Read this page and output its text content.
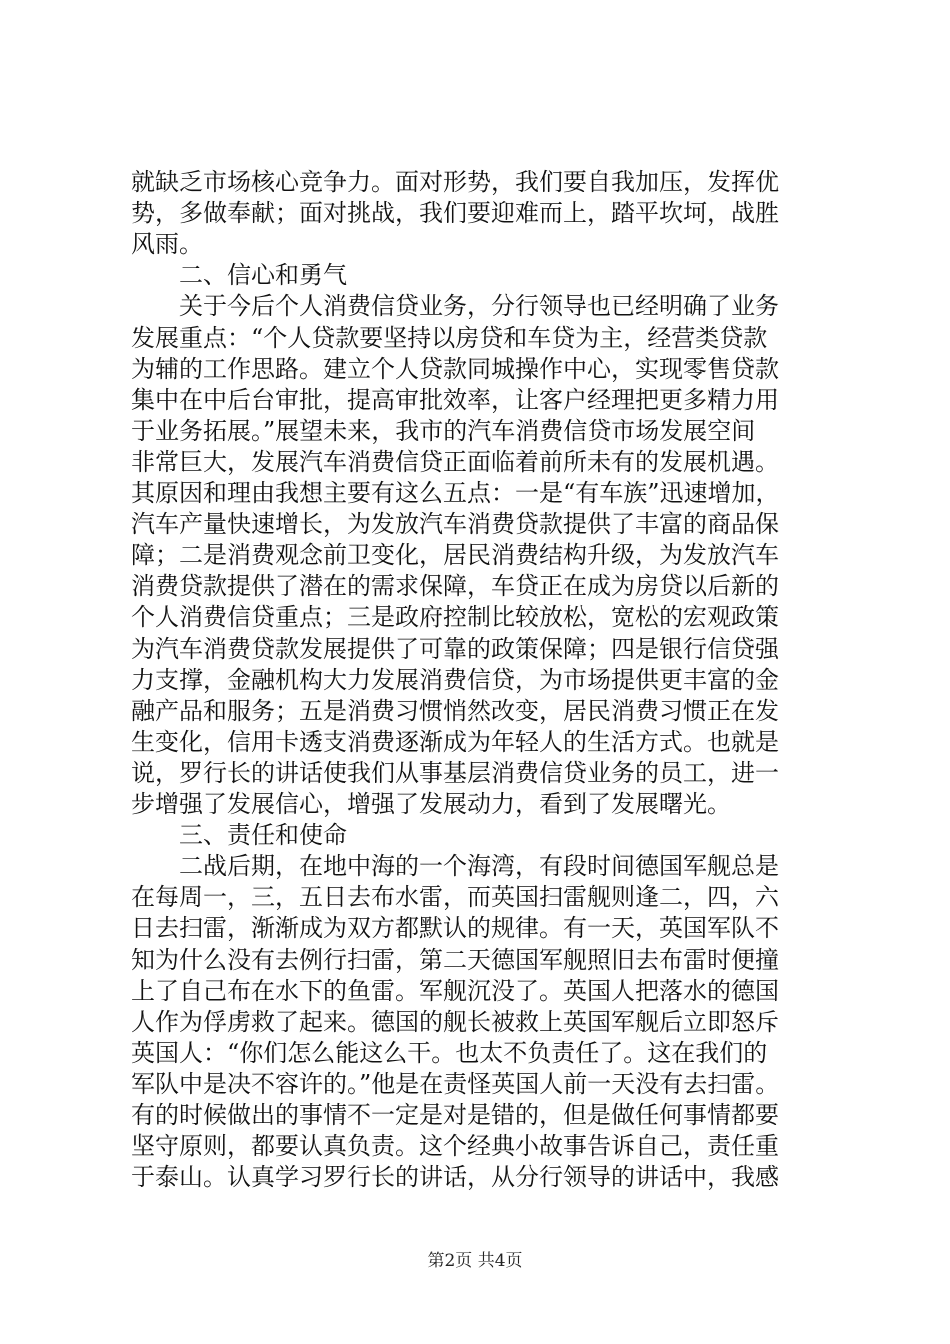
就缺乏市场核心竞争力。面对形势，我们要自我加压，发挥优
势，多做奉献；面对挑战，我们要迎难而上，踏平坎坷，战胜
风雨。
　　二、信心和勇气
　　关于今后个人消费信贷业务，分行领导也已经明确了业务
发展重点：“个人贷款要坚持以房贷和车贷为主，经营类贷款
为辅的工作思路。建立个人贷款同城操作中心，实现零售贷款
集中在中后台审批，提高审批效率，让客户经理把更多精力用
于业务拓展。”展望未来，我市的汽车消费信贷市场发展空间
非常巨大，发展汽车消费信贷正面临着前所未有的发展机遇。
其原因和理由我想主要有这么五点：一是“有车族”迅速增加，
汽车产量快速增长，为发放汽车消费贷款提供了丰富的商品保
障；二是消费观念前卫变化，居民消费结构升级，为发放汽车
消费贷款提供了潜在的需求保障，车贷正在成为房贷以后新的
个人消费信贷重点；三是政府控制比较放松，宽松的宏观政策
为汽车消费贷款发展提供了可靠的政策保障；四是银行信贷强
力支撑，金融机构大力发展消费信贷，为市场提供更丰富的金
融产品和服务；五是消费习惯悄然改变，居民消费习惯正在发
生变化，信用卡透支消费逐渐成为年轻人的生活方式。也就是
说，罗行长的讲话使我们从事基层消费信贷业务的员工，进一
步增强了发展信心，增强了发展动力，看到了发展曙光。
　　三、责任和使命
　　二战后期，在地中海的一个海湾，有段时间德国军舰总是
在每周一，三，五日去布水雷，而英国扫雷舰则逢二，四，六
日去扫雷，渐渐成为双方都默认的规律。有一天，英国军队不
知为什么没有去例行扫雷，第二天德国军舰照旧去布雷时便撞
上了自己布在水下的鱼雷。军舰沉没了。英国人把落水的德国
人作为俘虏救了起来。德国的舰长被救上英国军舰后立即怒斥
英国人：“你们怎么能这么干。也太不负责任了。这在我们的
军队中是决不容许的。”他是在责怪英国人前一天没有去扫雷。
有的时候做出的事情不一定是对是错的，但是做任何事情都要
坚守原则，都要认真负责。这个经典小故事告诉自己，责任重
于泰山。认真学习罗行长的讲话，从分行领导的讲话中，我感
第2页 共4页
